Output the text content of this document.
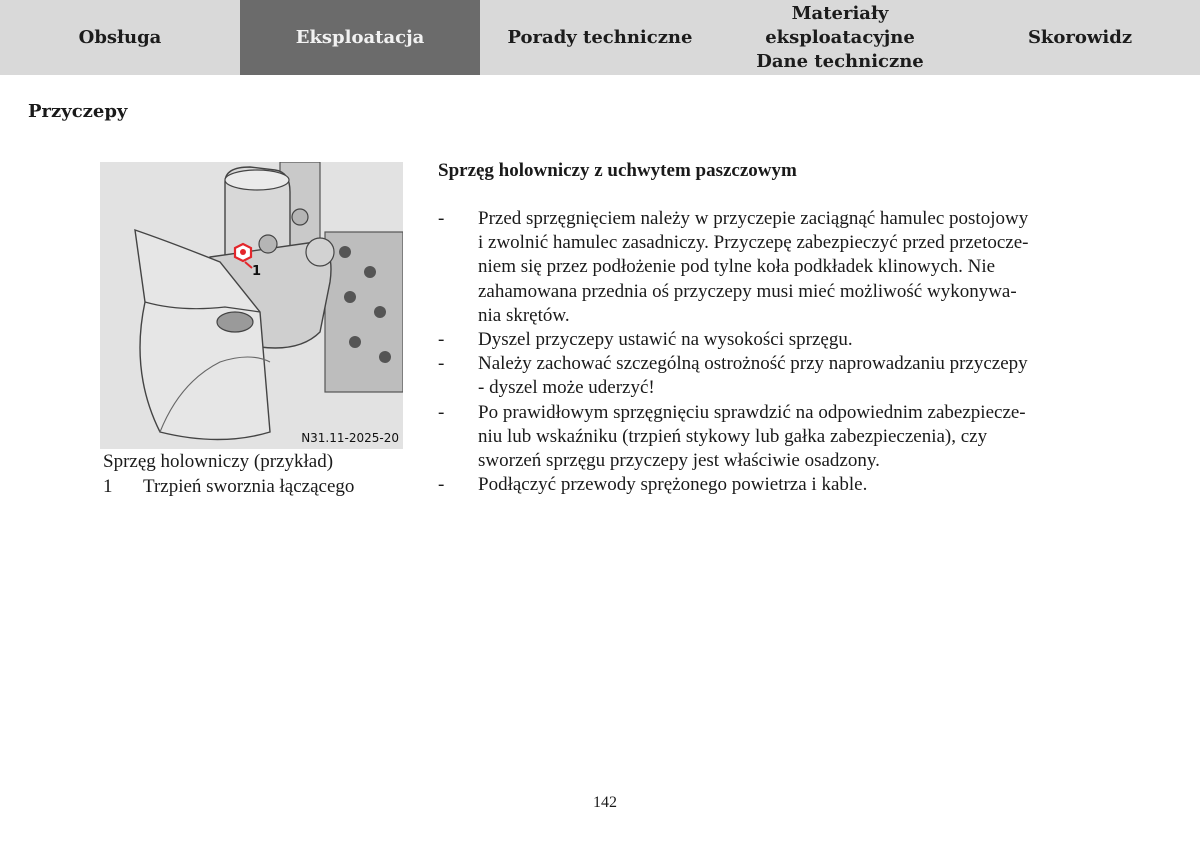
Obsługa	Eksploatacja	Porady techniczne
Materiały eksploatacyjne
Dane techniczne
Skorowidz
Przyczepy
1
N31.11-2025-20
Sprzęg holowniczy (przykład)
1	Trzpień sworznia łączącego
Sprzęg holowniczy z uchwytem paszczowym
-	Przed sprzęgnięciem należy w przyczepie zaciągnąć hamulec postojowy
i zwolnić hamulec zasadniczy. Przyczepę zabezpieczyć przed przetocze-
niem się przez podłożenie pod tylne koła podkładek klinowych. Nie
zahamowana przednia oś przyczepy musi mieć możliwość wykonywa-
nia skrętów.
-	Dyszel przyczepy ustawić na wysokości sprzęgu.
-	Należy zachować szczególną ostrożność przy naprowadzaniu przyczepy
- dyszel może uderzyć!
-	Po prawidłowym sprzęgnięciu sprawdzić na odpowiednim zabezpiecze-
niu lub wskaźniku (trzpień stykowy lub gałka zabezpieczenia), czy
sworzeń sprzęgu przyczepy jest właściwie osadzony.
-	Podłączyć przewody sprężonego powietrza i kable.
142
